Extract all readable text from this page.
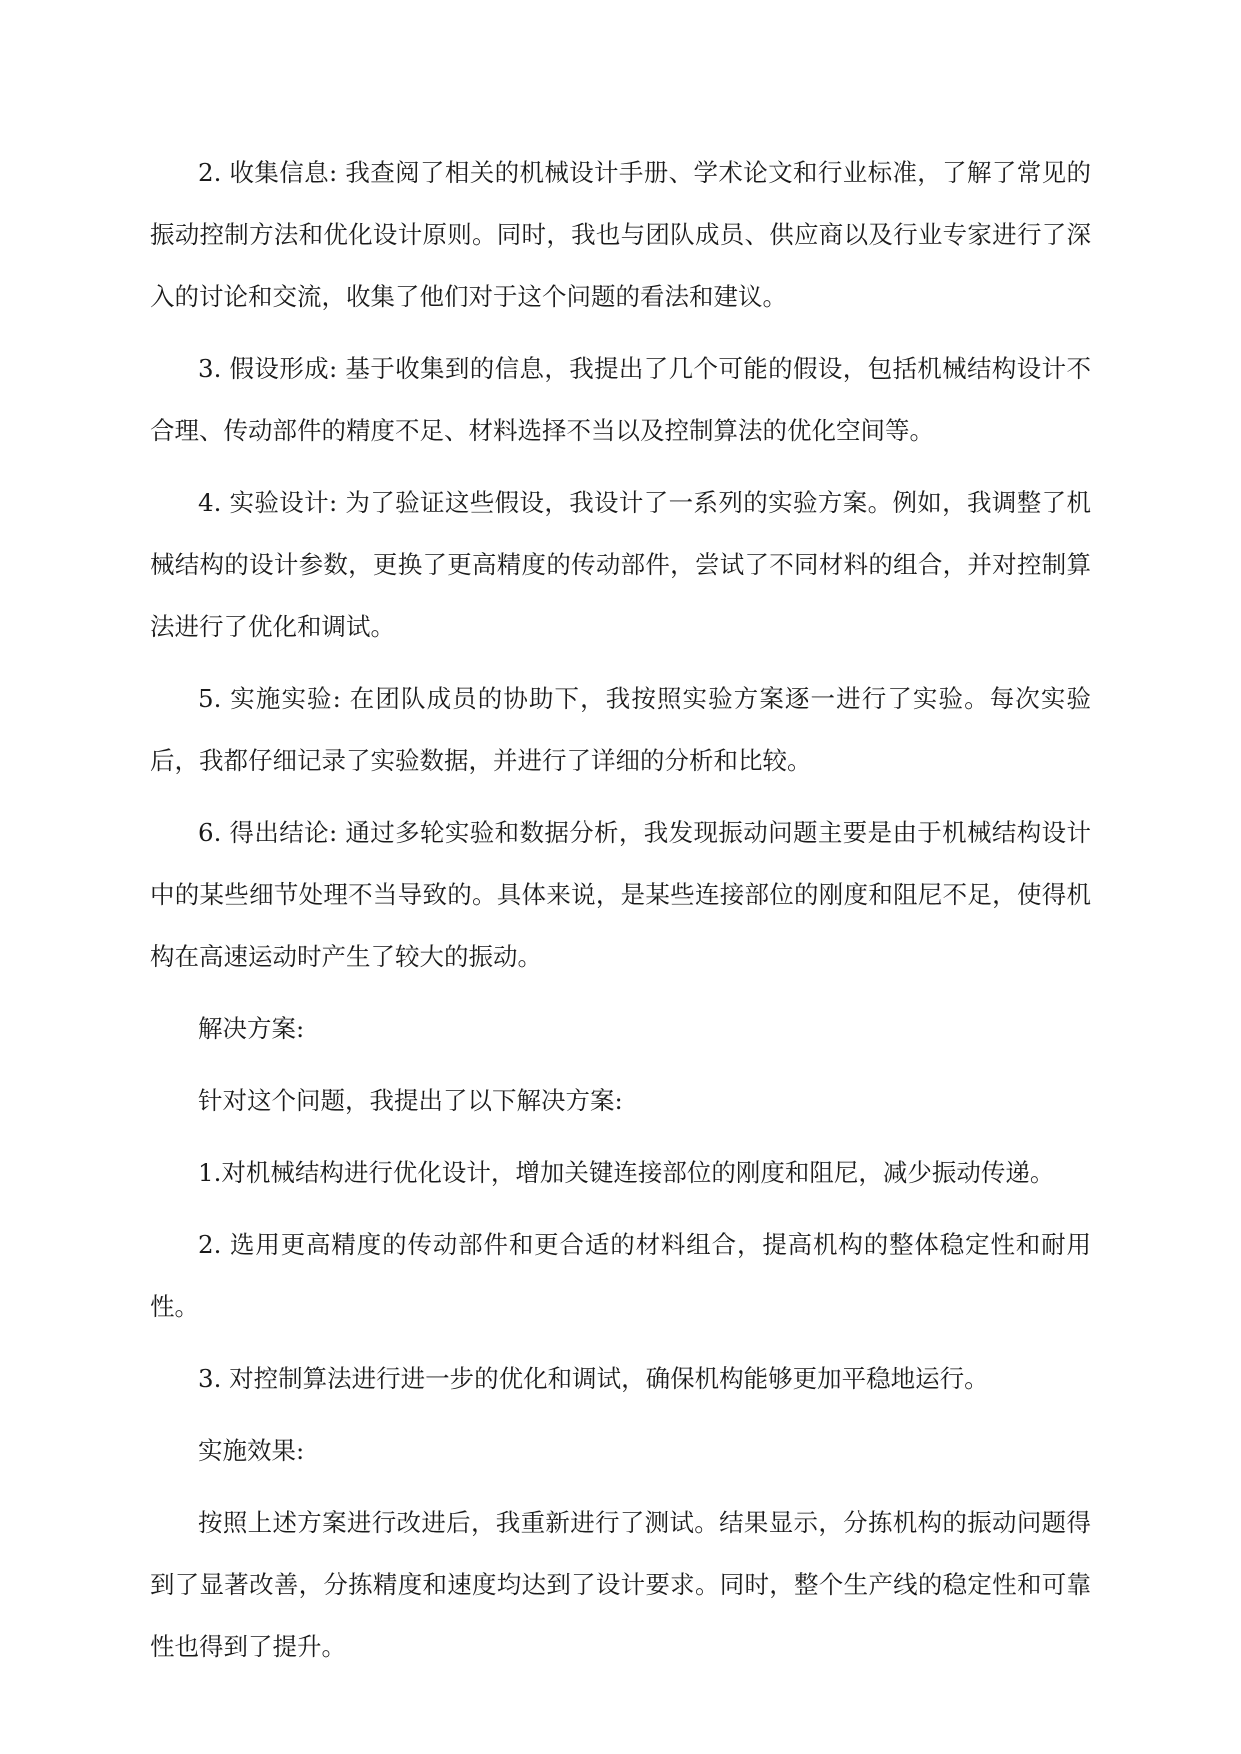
2. 收集信息: 我查阅了相关的机械设计手册、学术论文和行业标准，了解了常见的振动控制方法和优化设计原则。同时，我也与团队成员、供应商以及行业专家进行了深入的讨论和交流，收集了他们对于这个问题的看法和建议。

3. 假设形成: 基于收集到的信息，我提出了几个可能的假设，包括机械结构设计不合理、传动部件的精度不足、材料选择不当以及控制算法的优化空间等。

4. 实验设计: 为了验证这些假设，我设计了一系列的实验方案。例如，我调整了机械结构的设计参数，更换了更高精度的传动部件，尝试了不同材料的组合，并对控制算法进行了优化和调试。

5. 实施实验: 在团队成员的协助下，我按照实验方案逐一进行了实验。每次实验后，我都仔细记录了实验数据，并进行了详细的分析和比较。

6. 得出结论: 通过多轮实验和数据分析，我发现振动问题主要是由于机械结构设计中的某些细节处理不当导致的。具体来说，是某些连接部位的刚度和阻尼不足，使得机构在高速运动时产生了较大的振动。

解决方案:

针对这个问题，我提出了以下解决方案:

1.对机械结构进行优化设计，增加关键连接部位的刚度和阻尼，减少振动传递。

2. 选用更高精度的传动部件和更合适的材料组合，提高机构的整体稳定性和耐用性。

3. 对控制算法进行进一步的优化和调试，确保机构能够更加平稳地运行。

实施效果:

按照上述方案进行改进后，我重新进行了测试。结果显示，分拣机构的振动问题得到了显著改善，分拣精度和速度均达到了设计要求。同时，整个生产线的稳定性和可靠性也得到了提升。
